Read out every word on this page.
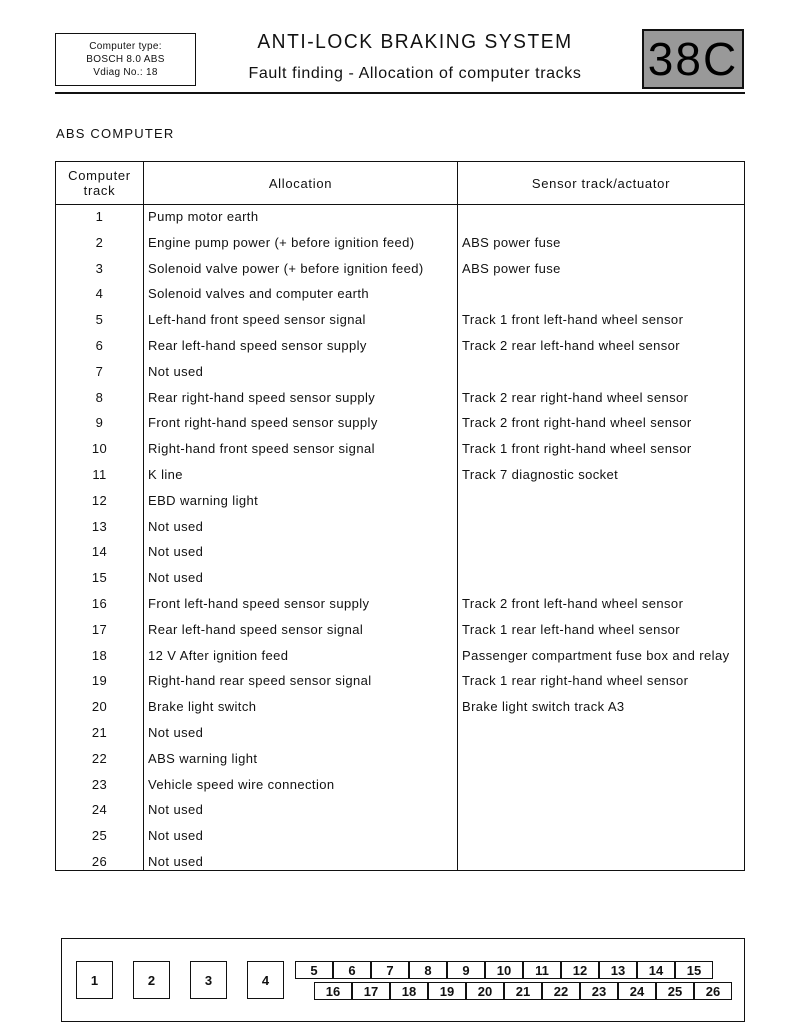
Computer type:
BOSCH 8.0 ABS
Vdiag No.: 18
ANTI-LOCK BRAKING SYSTEM
Fault finding - Allocation of computer tracks	38C
ABS COMPUTER
Computer
track	Allocation	Sensor track/actuator
1	Pump motor earth
2	Engine pump power (+ before ignition feed)	ABS power fuse
3	Solenoid valve power (+ before ignition feed)	ABS power fuse
4	Solenoid valves and computer earth
5	Left-hand front speed sensor signal	Track 1 front left-hand wheel sensor
6	Rear left-hand speed sensor supply	Track 2 rear left-hand wheel sensor
7	Not used
8	Rear right-hand speed sensor supply	Track 2 rear right-hand wheel sensor
9	Front right-hand speed sensor supply	Track 2 front right-hand wheel sensor
10	Right-hand front speed sensor signal	Track 1 front right-hand wheel sensor
11	K line	Track 7 diagnostic socket
12	EBD warning light
13	Not used
14	Not used
15	Not used
16	Front left-hand speed sensor supply	Track 2 front left-hand wheel sensor
17	Rear left-hand speed sensor signal	Track 1 rear left-hand wheel sensor
18	12 V After ignition feed	Passenger compartment fuse box and relay
19	Right-hand rear speed sensor signal	Track 1 rear right-hand wheel sensor
20	Brake light switch	Brake light switch track A3
21	Not used
22	ABS warning light
23	Vehicle speed wire connection
24	Not used
25	Not used
26	Not used
1	2	3	4
5	6	7	8	9	10	11	12	13	14	15
16	17	18	19	20	21	22	23	24	25	26
